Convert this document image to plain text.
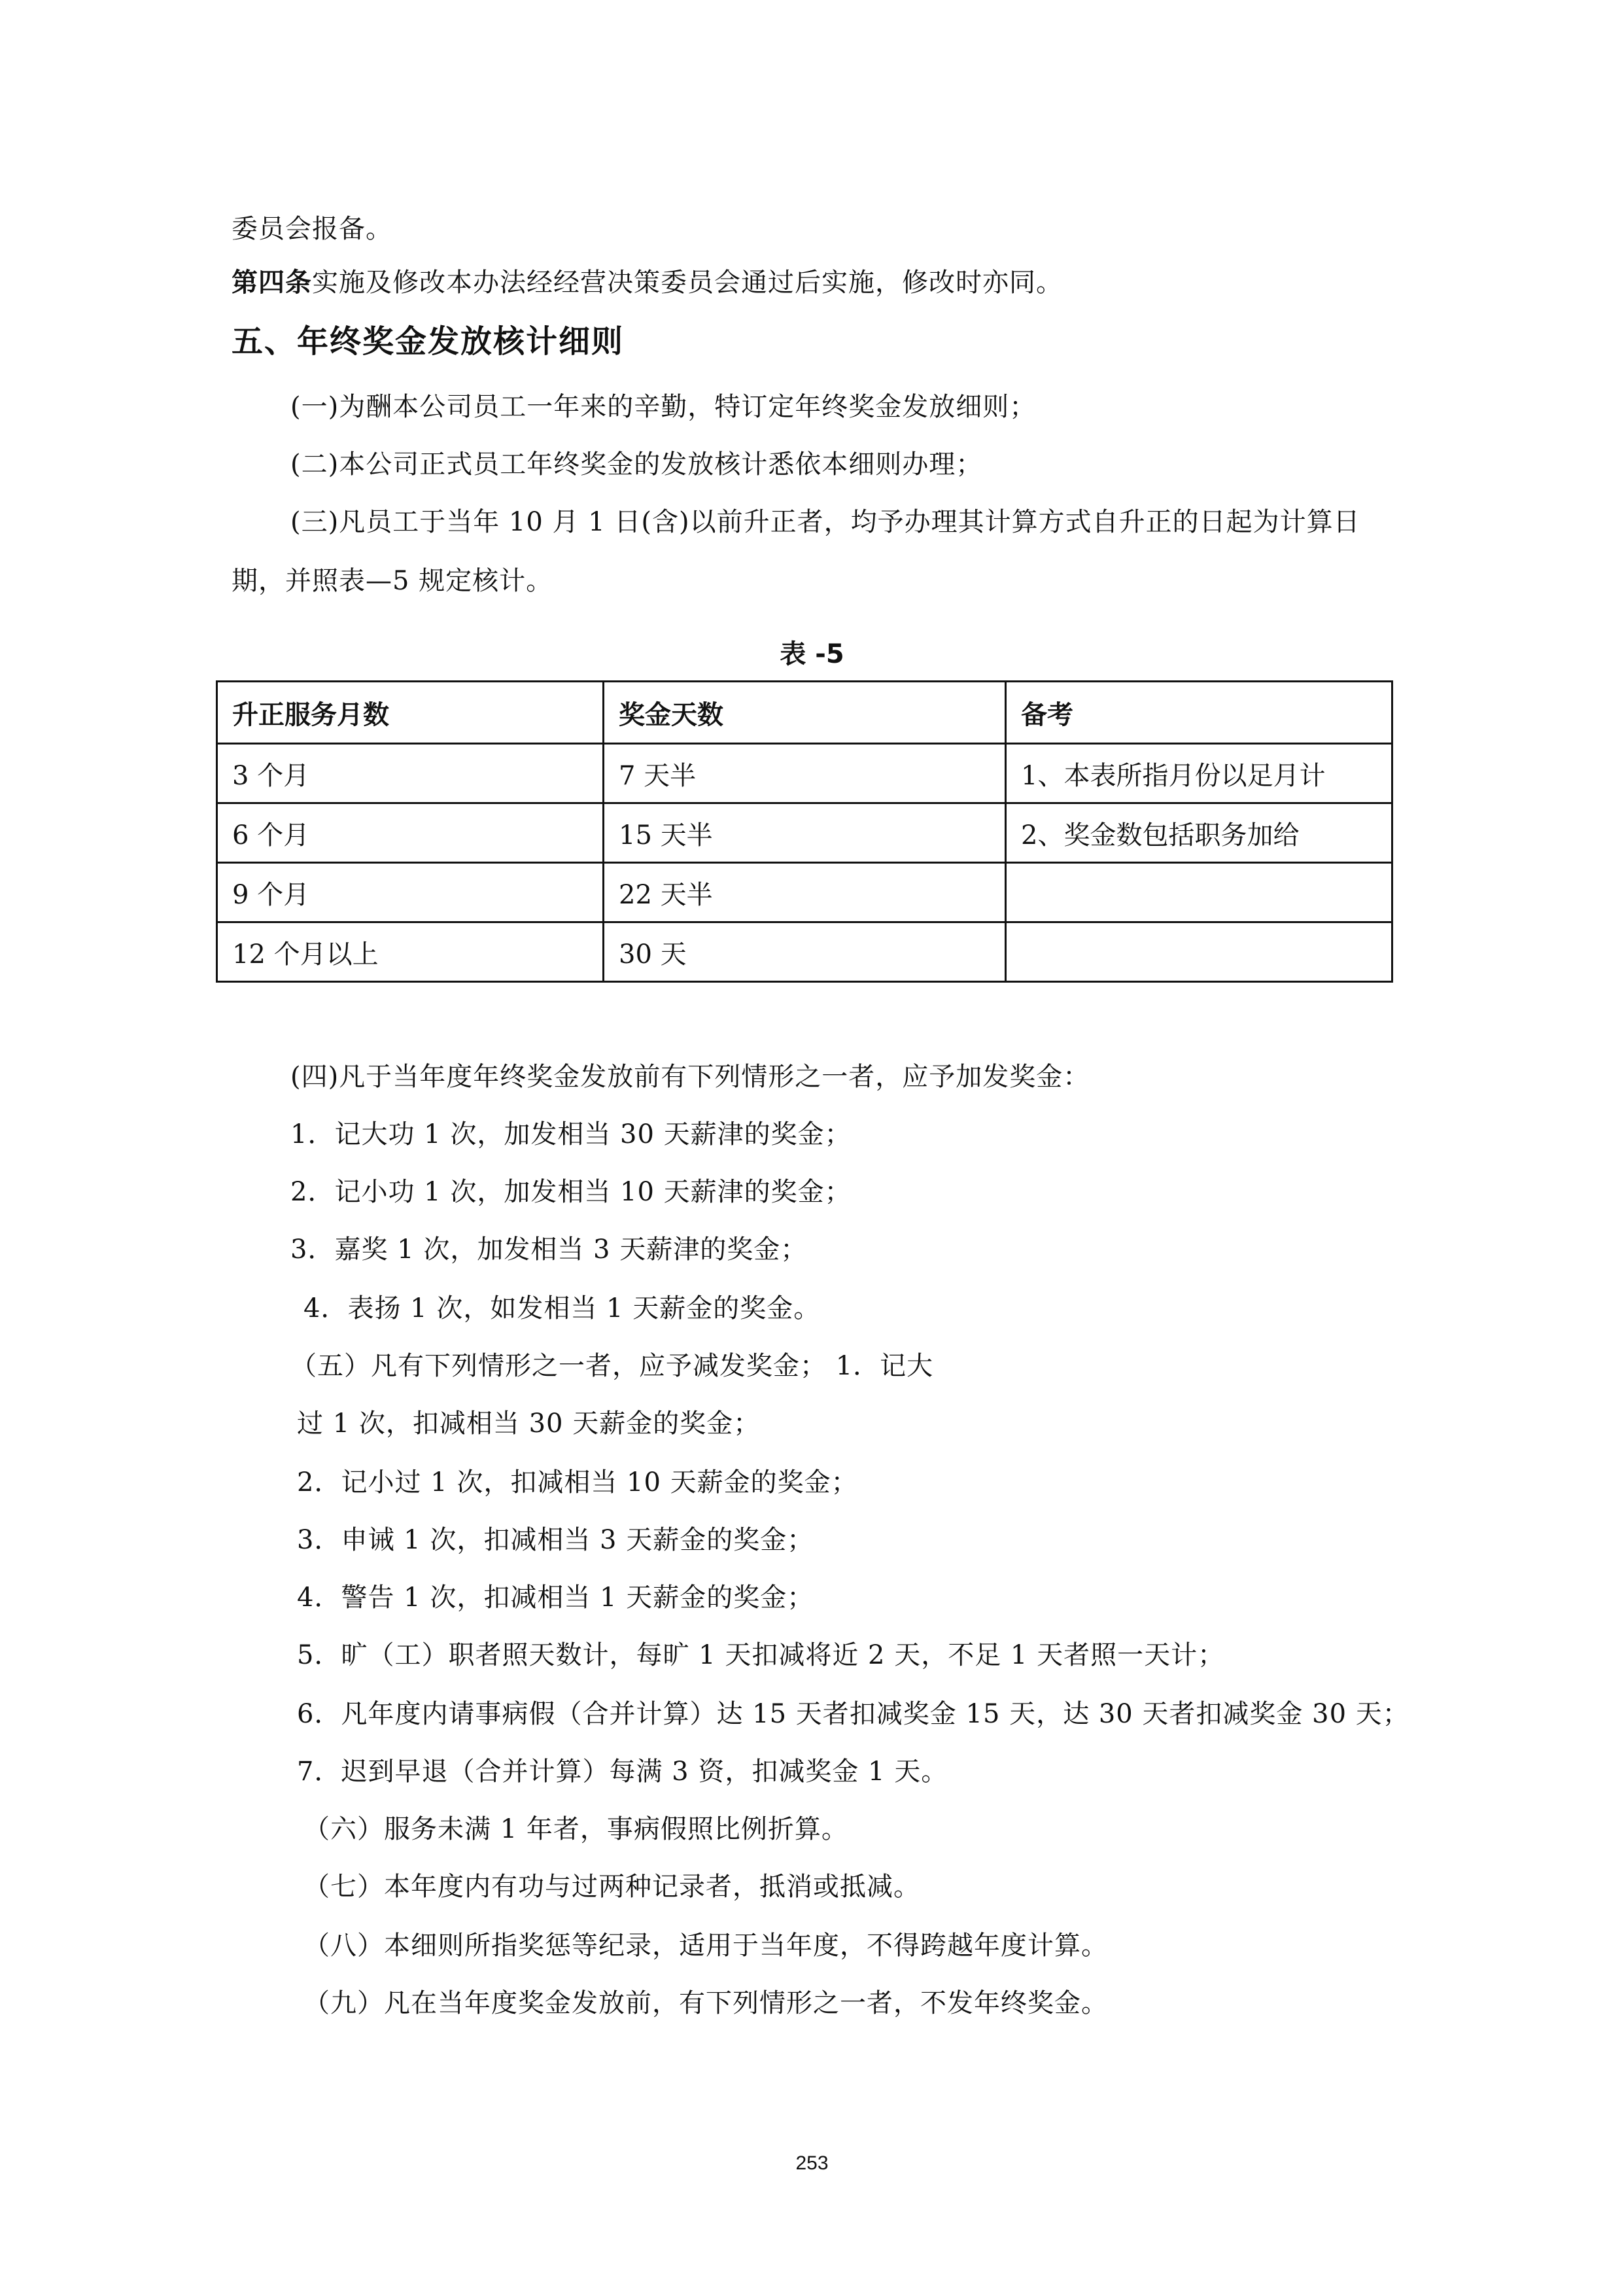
委员会报备。
第四条实施及修改本办法经经营决策委员会通过后实施，修改时亦同。
五、年终奖金发放核计细则
(一)为酬本公司员工一年来的辛勤，特订定年终奖金发放细则；
(二)本公司正式员工年终奖金的发放核计悉依本细则办理；
(三)凡员工于当年 10 月 1 日(含)以前升正者，均予办理其计算方式自升正的日起为计算日
期，并照表—5 规定核计。
表 -5
升正服务月数	奖金天数	备考
3 个月	7 天半	1、本表所指月份以足月计
6 个月	15 天半	2、奖金数包括职务加给
9 个月	22 天半	
12 个月以上	30 天	
(四)凡于当年度年终奖金发放前有下列情形之一者，应予加发奖金：
1．记大功 1 次，加发相当 30 天薪津的奖金；
2．记小功 1 次，加发相当 10 天薪津的奖金；
3．嘉奖 1 次，加发相当 3 天薪津的奖金；
4．表扬 1 次，如发相当 1 天薪金的奖金。
（五）凡有下列情形之一者，应予减发奖金； 1．记大
过 1 次，扣减相当 30 天薪金的奖金；
2．记小过 1 次，扣减相当 10 天薪金的奖金；
3．申诫 1 次，扣减相当 3 天薪金的奖金；
4．警告 1 次，扣减相当 1 天薪金的奖金；
5．旷（工）职者照天数计，每旷 1 天扣减将近 2 天，不足 1 天者照一天计；
6．凡年度内请事病假（合并计算）达 15 天者扣减奖金 15 天，达 30 天者扣减奖金 30 天；
7．迟到早退（合并计算）每满 3 资，扣减奖金 1 天。
（六）服务未满 1 年者，事病假照比例折算。
（七）本年度内有功与过两种记录者，抵消或抵减。
（八）本细则所指奖惩等纪录，适用于当年度，不得跨越年度计算。
（九）凡在当年度奖金发放前，有下列情形之一者，不发年终奖金。
253
